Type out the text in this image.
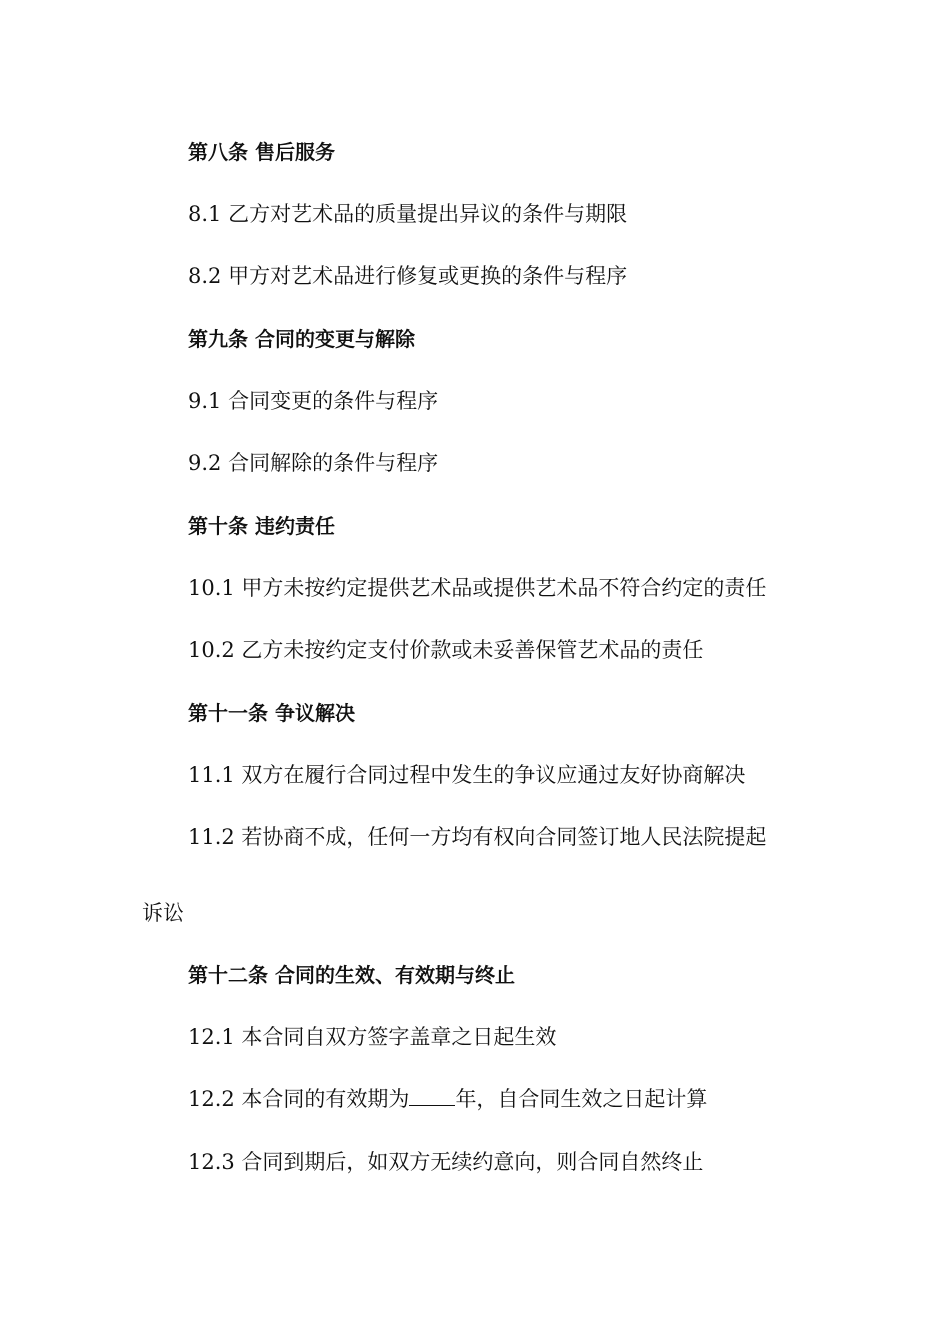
第八条 售后服务
8.1 乙方对艺术品的质量提出异议的条件与期限
8.2 甲方对艺术品进行修复或更换的条件与程序
第九条 合同的变更与解除
9.1 合同变更的条件与程序
9.2 合同解除的条件与程序
第十条 违约责任
10.1 甲方未按约定提供艺术品或提供艺术品不符合约定的责任
10.2 乙方未按约定支付价款或未妥善保管艺术品的责任
第十一条 争议解决
11.1 双方在履行合同过程中发生的争议应通过友好协商解决
11.2 若协商不成，任何一方均有权向合同签订地人民法院提起
诉讼
第十二条 合同的生效、有效期与终止
12.1 本合同自双方签字盖章之日起生效
12.2 本合同的有效期为 年，自合同生效之日起计算
12.3 合同到期后，如双方无续约意向，则合同自然终止
